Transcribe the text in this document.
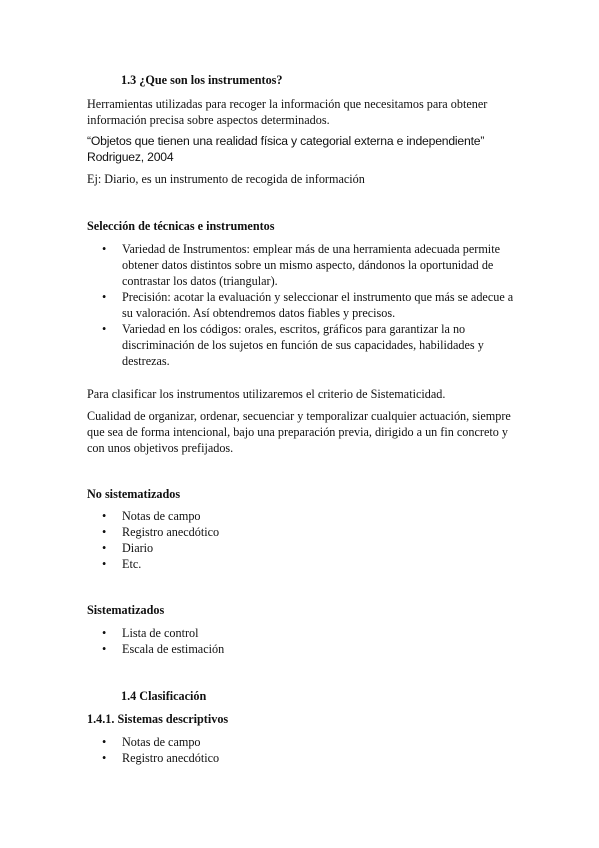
1.3 ¿Que son los instrumentos?

Herramientas utilizadas para recoger la información que necesitamos para obtener información precisa sobre aspectos determinados.

“Objetos que tienen una realidad física y categorial externa e independiente” Rodriguez, 2004

Ej: Diario, es un instrumento de recogida de información

Selección de técnicas e instrumentos

• Variedad de Instrumentos: emplear más de una herramienta adecuada permite obtener datos distintos sobre un mismo aspecto, dándonos la oportunidad de contrastar los datos (triangular).
• Precisión: acotar la evaluación y seleccionar el instrumento que más se adecue a su valoración. Así obtendremos datos fiables y precisos.
• Variedad en los códigos: orales, escritos, gráficos para garantizar la no discriminación de los sujetos en función de sus capacidades, habilidades y destrezas.

Para clasificar los instrumentos utilizaremos el criterio de Sistematicidad.

Cualidad de organizar, ordenar, secuenciar y temporalizar cualquier actuación, siempre que sea de forma intencional, bajo una preparación previa, dirigido a un fin concreto y con unos objetivos prefijados.

No sistematizados

• Notas de campo
• Registro anecdótico
• Diario
• Etc.

Sistematizados

• Lista de control
• Escala de estimación

1.4 Clasificación

1.4.1. Sistemas descriptivos

• Notas de campo
• Registro anecdótico
